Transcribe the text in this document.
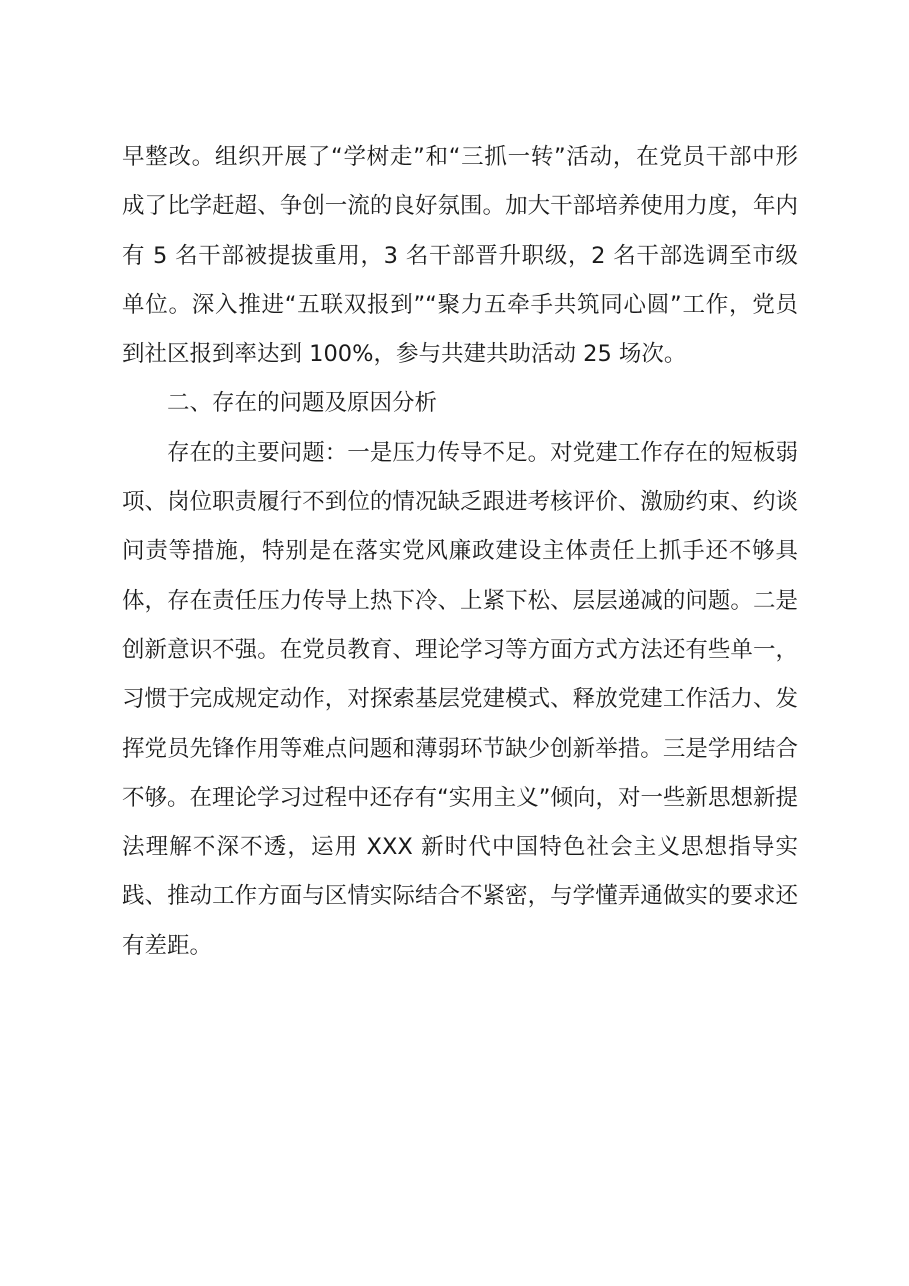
早整改。组织开展了“学树走”和“三抓一转”活动，在党员干部中形成了比学赶超、争创一流的良好氛围。加大干部培养使用力度，年内有 5 名干部被提拔重用，3 名干部晋升职级，2 名干部选调至市级单位。深入推进“五联双报到”“聚力五牵手共筑同心圆”工作，党员到社区报到率达到 100%，参与共建共助活动 25 场次。

二、存在的问题及原因分析

存在的主要问题：一是压力传导不足。对党建工作存在的短板弱项、岗位职责履行不到位的情况缺乏跟进考核评价、激励约束、约谈问责等措施，特别是在落实党风廉政建设主体责任上抓手还不够具体，存在责任压力传导上热下冷、上紧下松、层层递减的问题。二是创新意识不强。在党员教育、理论学习等方面方式方法还有些单一，习惯于完成规定动作，对探索基层党建模式、释放党建工作活力、发挥党员先锋作用等难点问题和薄弱环节缺少创新举措。三是学用结合不够。在理论学习过程中还存有“实用主义”倾向，对一些新思想新提法理解不深不透，运用 XXX 新时代中国特色社会主义思想指导实践、推动工作方面与区情实际结合不紧密，与学懂弄通做实的要求还有差距。
